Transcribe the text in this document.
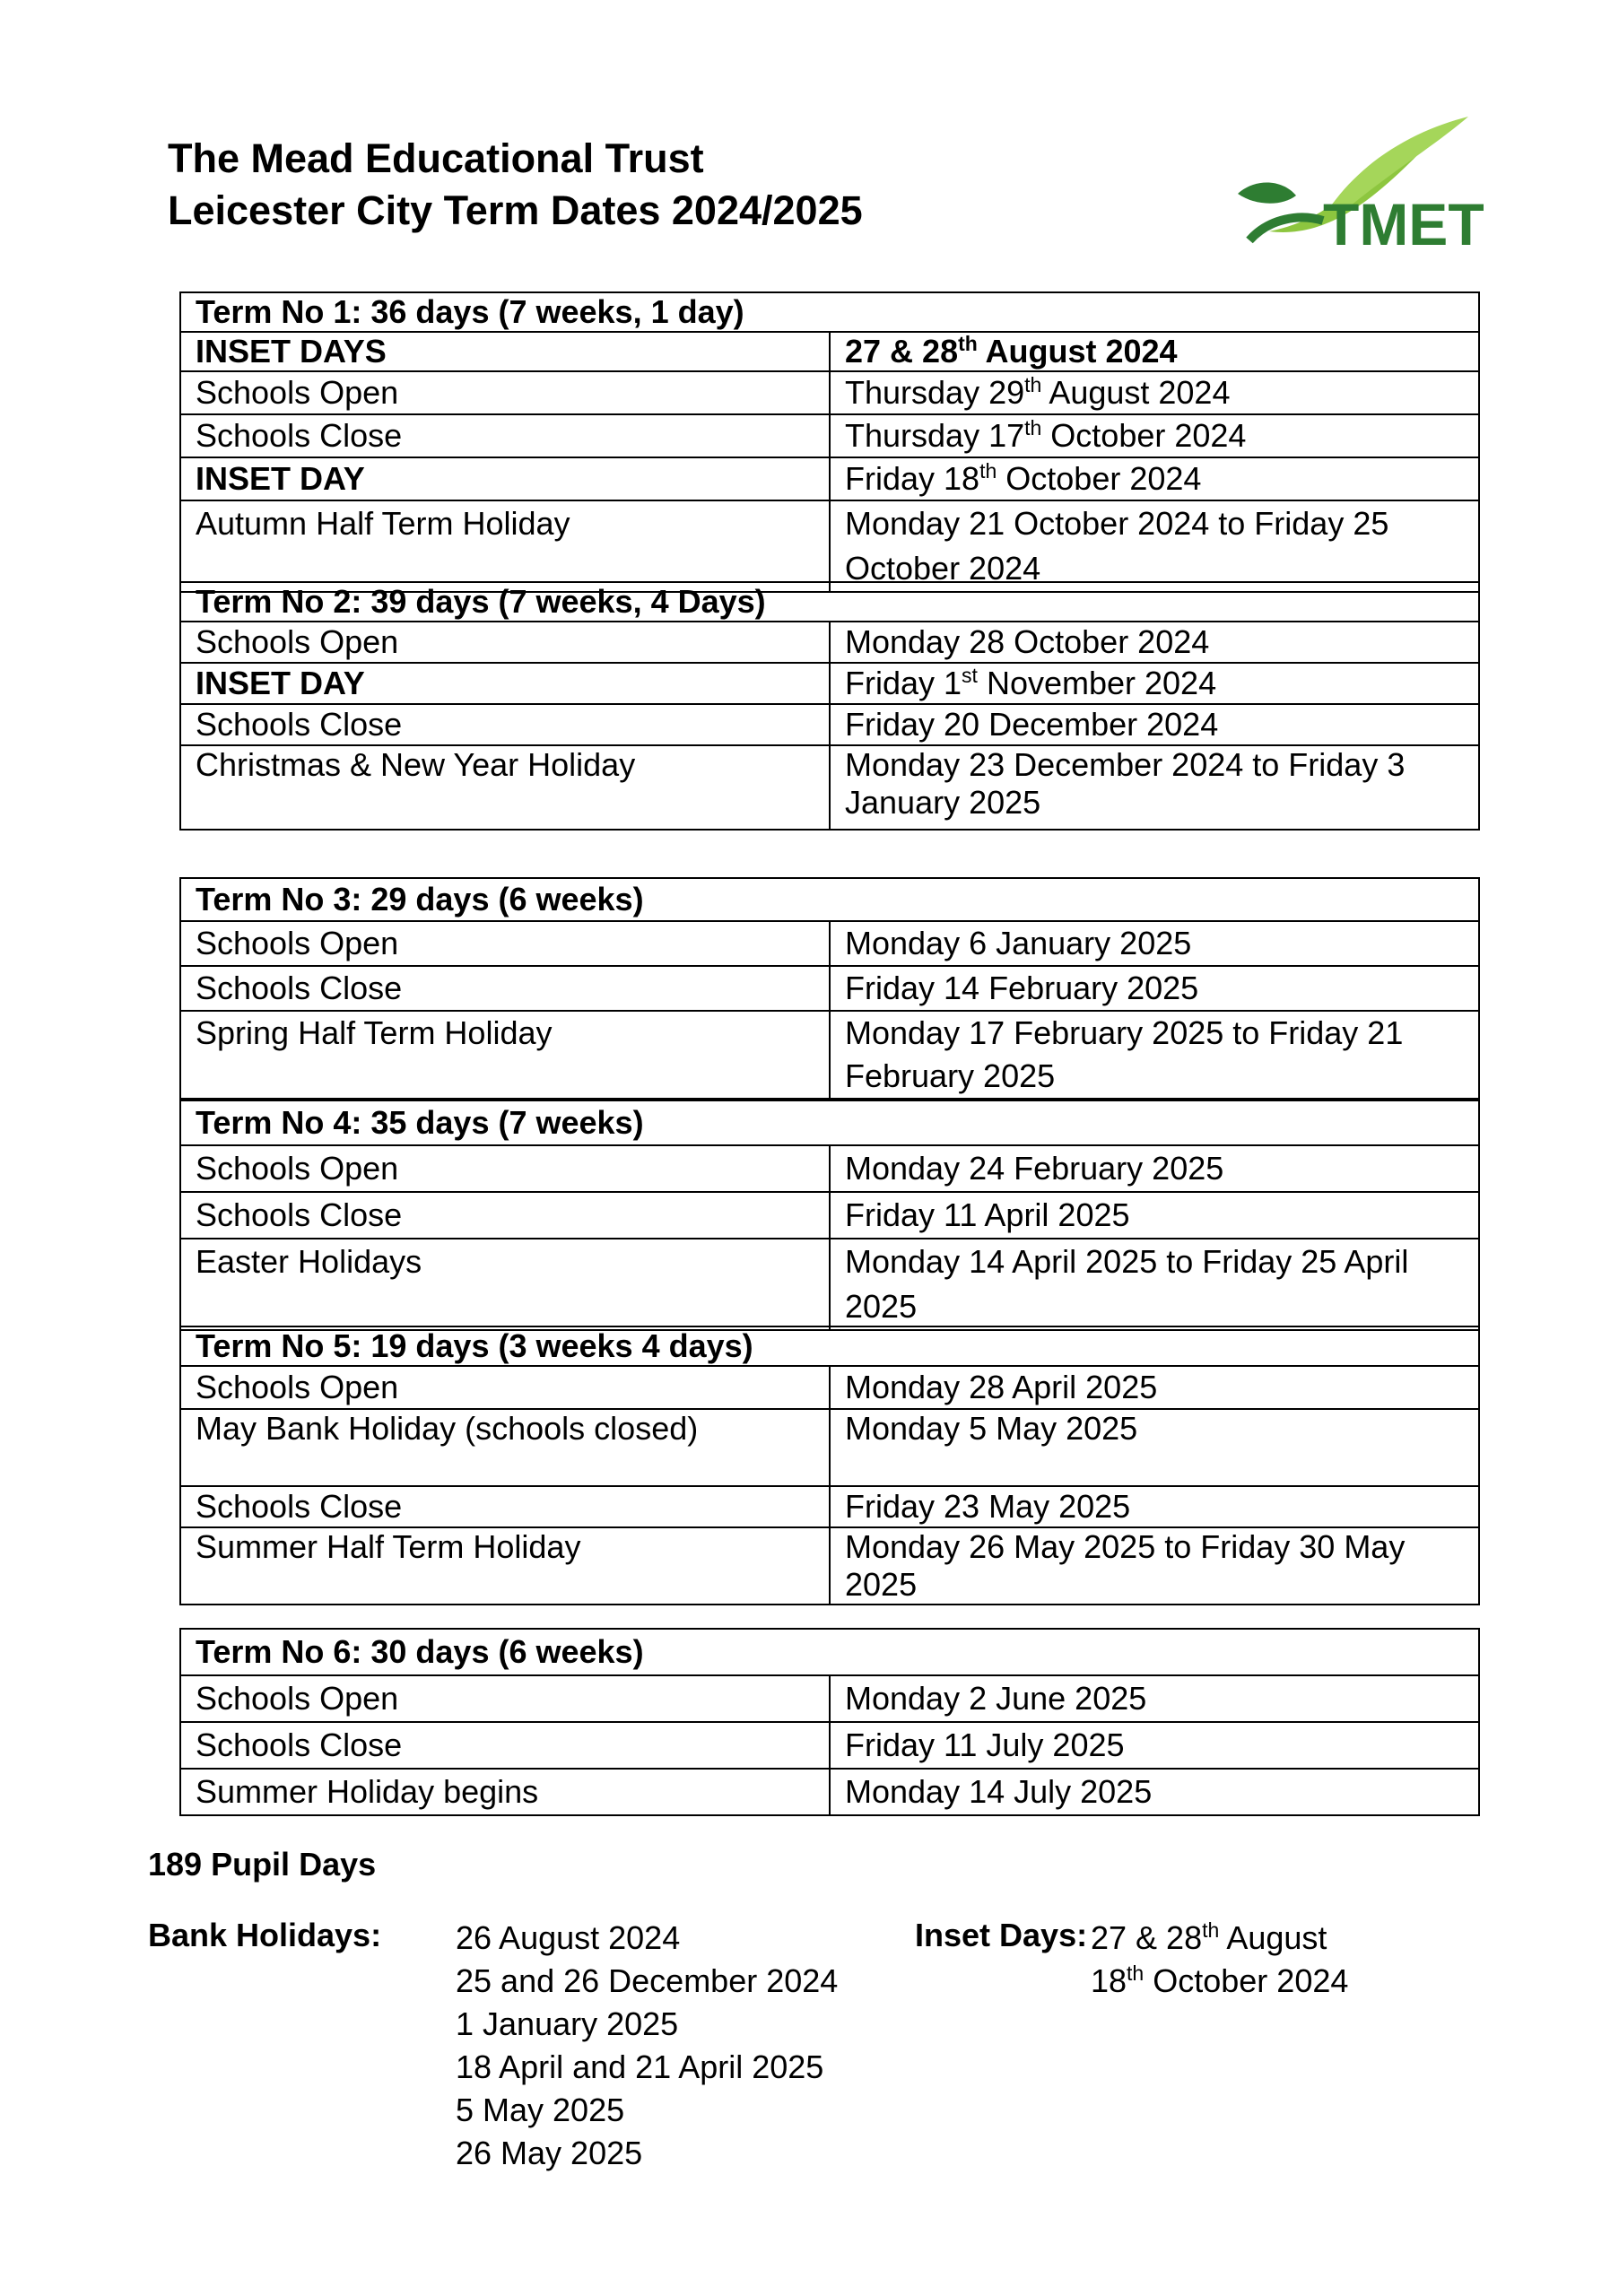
The Mead Educational Trust
Leicester City Term Dates 2024/2025	TMET
Term No 1: 36 days (7 weeks, 1 day)	
INSET DAYS	27 & 28th August 2024
Schools Open	Thursday 29th August 2024
Schools Close	Thursday 17th October 2024
INSET DAY	Friday 18th October 2024
Autumn Half Term Holiday	Monday 21 October 2024 to Friday 25 October 2024
Term No 2: 39 days (7 weeks, 4 Days)	
Schools Open	Monday 28 October 2024
INSET DAY	Friday 1st November 2024
Schools Close	Friday 20 December 2024
Christmas & New Year Holiday	Monday 23 December 2024 to Friday 3 January 2025
Term No 3: 29 days (6 weeks)	
Schools Open	Monday 6 January 2025
Schools Close	Friday 14 February 2025
Spring Half Term Holiday	Monday 17 February 2025 to Friday 21 February 2025
Term No 4: 35 days (7 weeks)	
Schools Open	Monday 24 February 2025
Schools Close	Friday 11 April 2025
Easter Holidays	Monday 14 April 2025 to Friday 25 April 2025
Term No 5: 19 days (3 weeks 4 days)	
Schools Open	Monday 28 April 2025
May Bank Holiday (schools closed)	Monday 5 May 2025
Schools Close	Friday 23 May 2025
Summer Half Term Holiday	Monday 26 May 2025 to Friday 30 May 2025
Term No 6: 30 days (6 weeks)	
Schools Open	Monday 2 June 2025
Schools Close	Friday 11 July 2025
Summer Holiday begins	Monday 14 July 2025
189 Pupil Days
Bank Holidays: 26 August 2024
25 and 26 December 2024
1 January 2025
18 April and 21 April 2025
5 May 2025
26 May 2025
Inset Days: 27 & 28th August
18th October 2024
